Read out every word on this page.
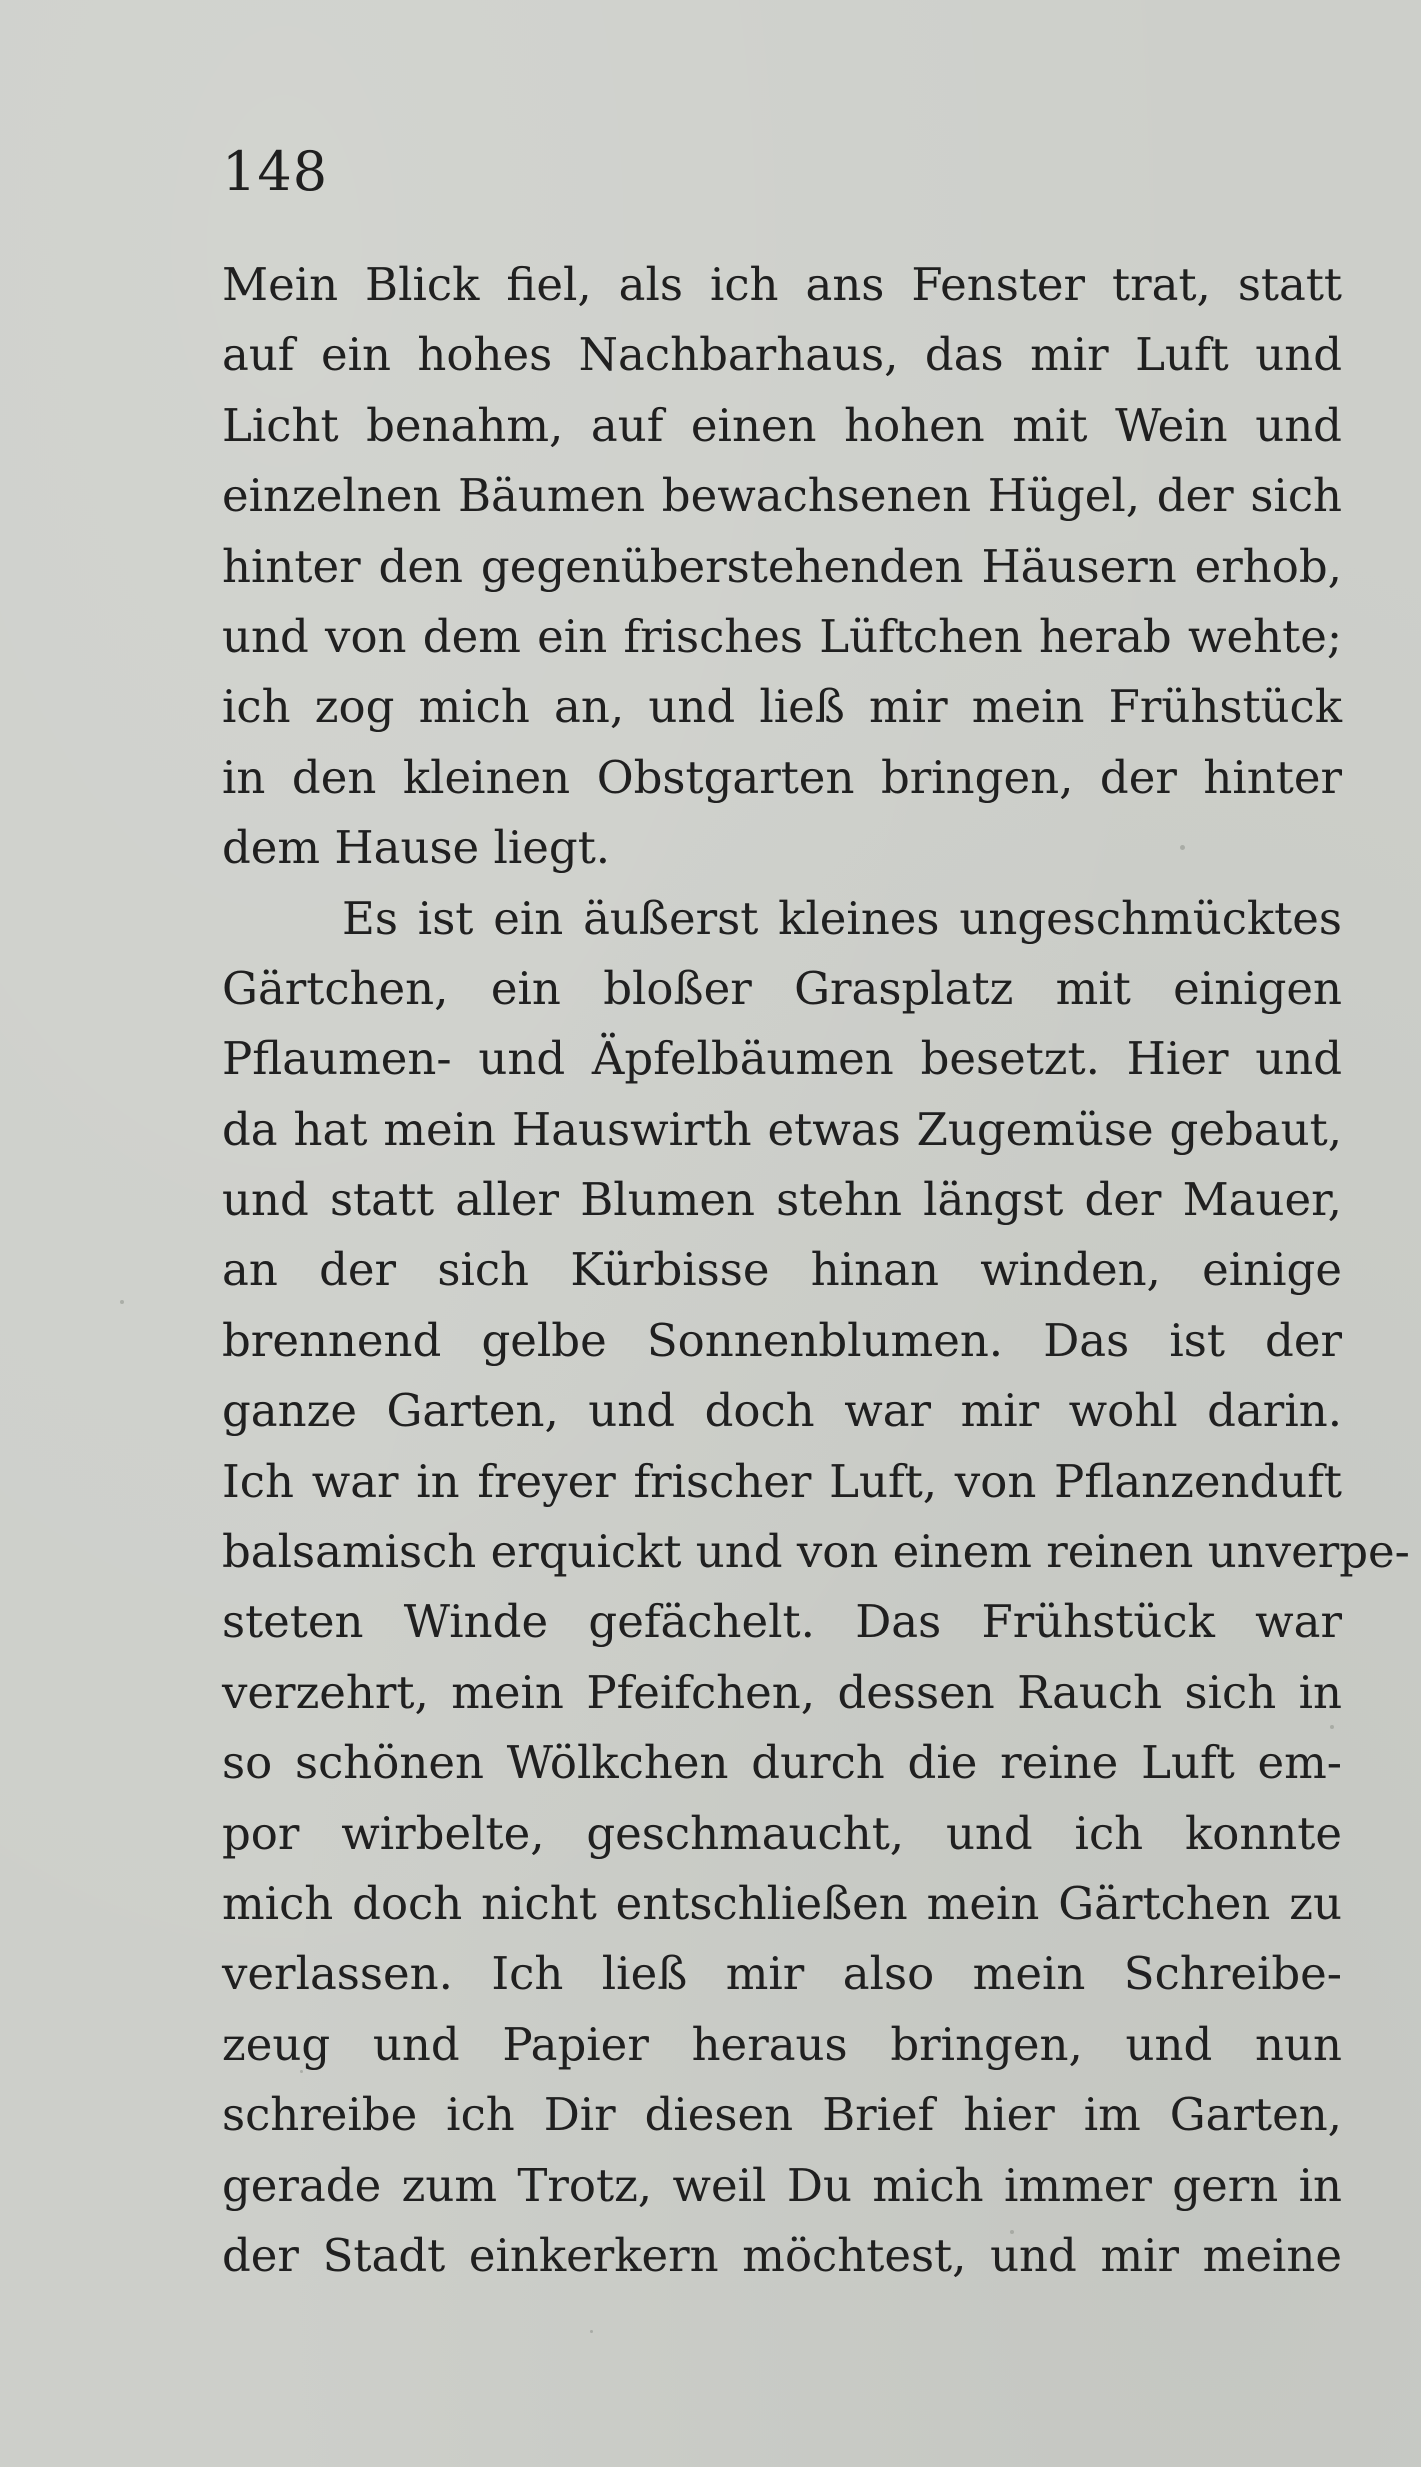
148
Mein Blick fiel, als ich ans Fenster trat, statt
auf ein hohes Nachbarhaus, das mir Luft und
Licht benahm, auf einen hohen mit Wein und
einzelnen Bäumen bewachsenen Hügel, der sich
hinter den gegenüberstehenden Häusern erhob,
und von dem ein frisches Lüftchen herab wehte;
ich zog mich an, und ließ mir mein Frühstück
in den kleinen Obstgarten bringen, der hinter
dem Hause liegt.
Es ist ein äußerst kleines ungeschmücktes
Gärtchen, ein bloßer Grasplatz mit einigen
Pflaumen- und Äpfelbäumen besetzt. Hier und
da hat mein Hauswirth etwas Zugemüse gebaut,
und statt aller Blumen stehn längst der Mauer,
an der sich Kürbisse hinan winden, einige
brennend gelbe Sonnenblumen. Das ist der
ganze Garten, und doch war mir wohl darin.
Ich war in freyer frischer Luft, von Pflanzenduft
balsamisch erquickt und von einem reinen unverpe-
steten Winde gefächelt. Das Frühstück war
verzehrt, mein Pfeifchen, dessen Rauch sich in
so schönen Wölkchen durch die reine Luft em-
por wirbelte, geschmaucht, und ich konnte
mich doch nicht entschließen mein Gärtchen zu
verlassen. Ich ließ mir also mein Schreibe-
zeug und Papier heraus bringen, und nun
schreibe ich Dir diesen Brief hier im Garten,
gerade zum Trotz, weil Du mich immer gern in
der Stadt einkerkern möchtest, und mir meine
